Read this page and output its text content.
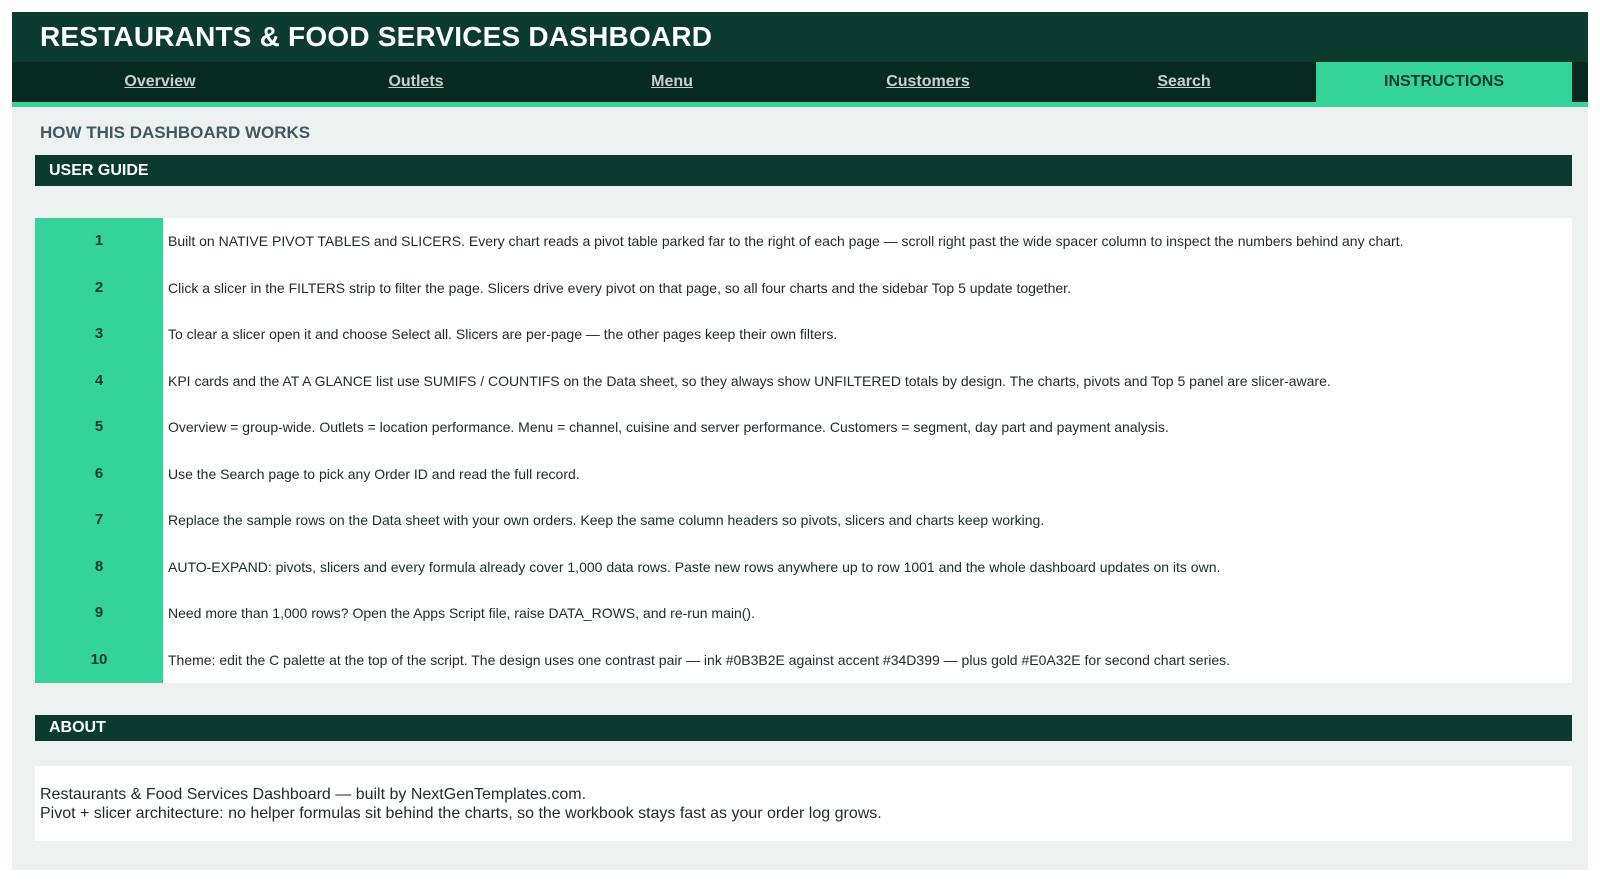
RESTAURANTS & FOOD SERVICES DASHBOARD
Overview	Outlets	Menu	Customers	Search	INSTRUCTIONS
HOW THIS DASHBOARD WORKS
USER GUIDE
1	Built on NATIVE PIVOT TABLES and SLICERS. Every chart reads a pivot table parked far to the right of each page — scroll right past the wide spacer column to inspect the numbers behind any chart.
2	Click a slicer in the FILTERS strip to filter the page. Slicers drive every pivot on that page, so all four charts and the sidebar Top 5 update together.
3	To clear a slicer open it and choose Select all. Slicers are per-page — the other pages keep their own filters.
4	KPI cards and the AT A GLANCE list use SUMIFS / COUNTIFS on the Data sheet, so they always show UNFILTERED totals by design. The charts, pivots and Top 5 panel are slicer-aware.
5	Overview = group-wide. Outlets = location performance. Menu = channel, cuisine and server performance. Customers = segment, day part and payment analysis.
6	Use the Search page to pick any Order ID and read the full record.
7	Replace the sample rows on the Data sheet with your own orders. Keep the same column headers so pivots, slicers and charts keep working.
8	AUTO-EXPAND: pivots, slicers and every formula already cover 1,000 data rows. Paste new rows anywhere up to row 1001 and the whole dashboard updates on its own.
9	Need more than 1,000 rows? Open the Apps Script file, raise DATA_ROWS, and re-run main().
10	Theme: edit the C palette at the top of the script. The design uses one contrast pair — ink #0B3B2E against accent #34D399 — plus gold #E0A32E for second chart series.
ABOUT
Restaurants & Food Services Dashboard — built by NextGenTemplates.com.
Pivot + slicer architecture: no helper formulas sit behind the charts, so the workbook stays fast as your order log grows.
